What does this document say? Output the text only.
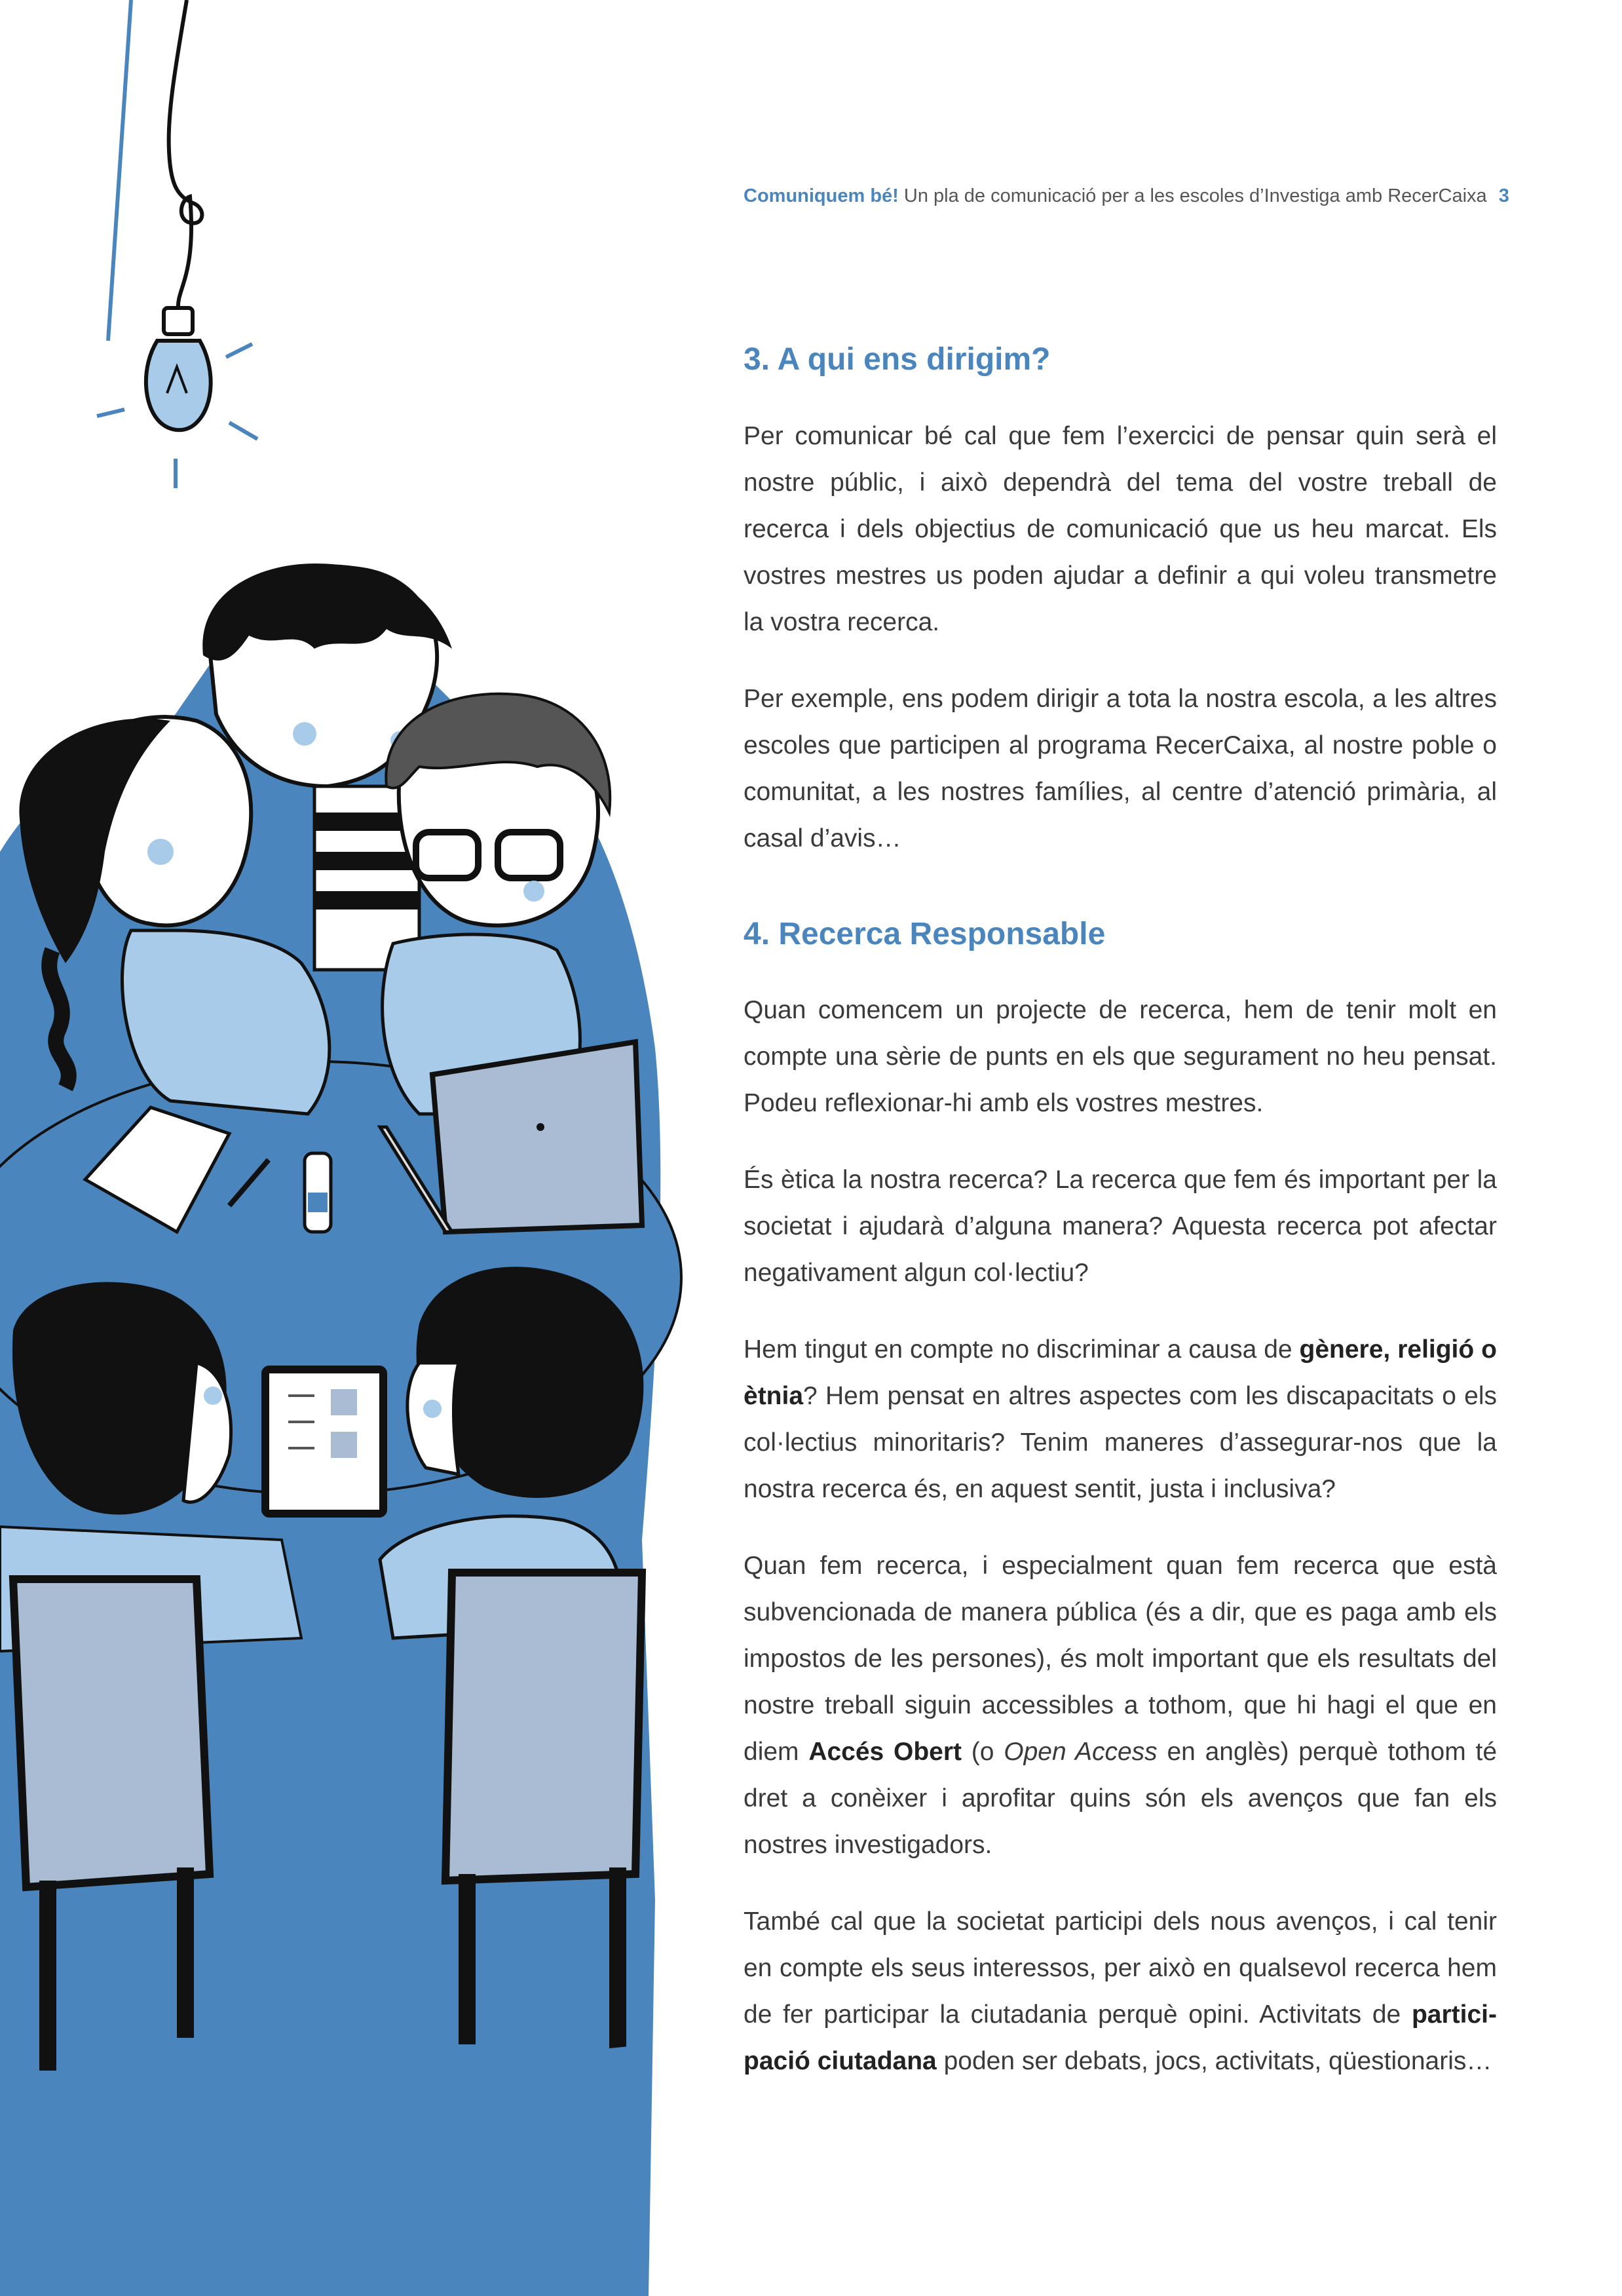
Comuniquem bé! Un pla de comunicació per a les escoles d’Investiga amb RecerCaixa 3
3. A qui ens dirigim?

Per comunicar bé cal que fem l’exercici de pensar quin serà el nostre públic, i això dependrà del tema del vostre treball de recerca i dels objectius de comunicació que us heu marcat. Els vostres mestres us poden ajudar a definir a qui voleu transmetre la vostra recerca.

Per exemple, ens podem dirigir a tota la nostra escola, a les altres escoles que participen al programa RecerCaixa, al nostre poble o comunitat, a les nostres famílies, al centre d’atenció primària, al casal d’avis…

4. Recerca Responsable

Quan comencem un projecte de recerca, hem de tenir molt en compte una sèrie de punts en els que segurament no heu pensat. Podeu reflexionar-hi amb els vostres mestres.

És ètica la nostra recerca? La recerca que fem és important per la societat i ajudarà d’alguna manera? Aquesta recerca pot afectar negativament algun col·lectiu?

Hem tingut en compte no discriminar a causa de gènere, religió o ètnia? Hem pensat en altres aspectes com les discapacitats o els col·lectius minoritaris? Tenim maneres d’assegurar-nos que la nostra recerca és, en aquest sentit, justa i inclusiva?

Quan fem recerca, i especialment quan fem recerca que està subvencionada de manera pública (és a dir, que es paga amb els impostos de les persones), és molt important que els resultats del nostre treball siguin accessibles a tothom, que hi hagi el que en diem Accés Obert (o Open Access en anglès) perquè tothom té dret a conèixer i aprofitar quins són els avenços que fan els nostres investigadors.

També cal que la societat participi dels nous avenços, i cal tenir en compte els seus interessos, per això en qualsevol recerca hem de fer participar la ciutadania perquè opini. Activitats de partici-pació ciutadana poden ser debats, jocs, activitats, qüestionaris…
